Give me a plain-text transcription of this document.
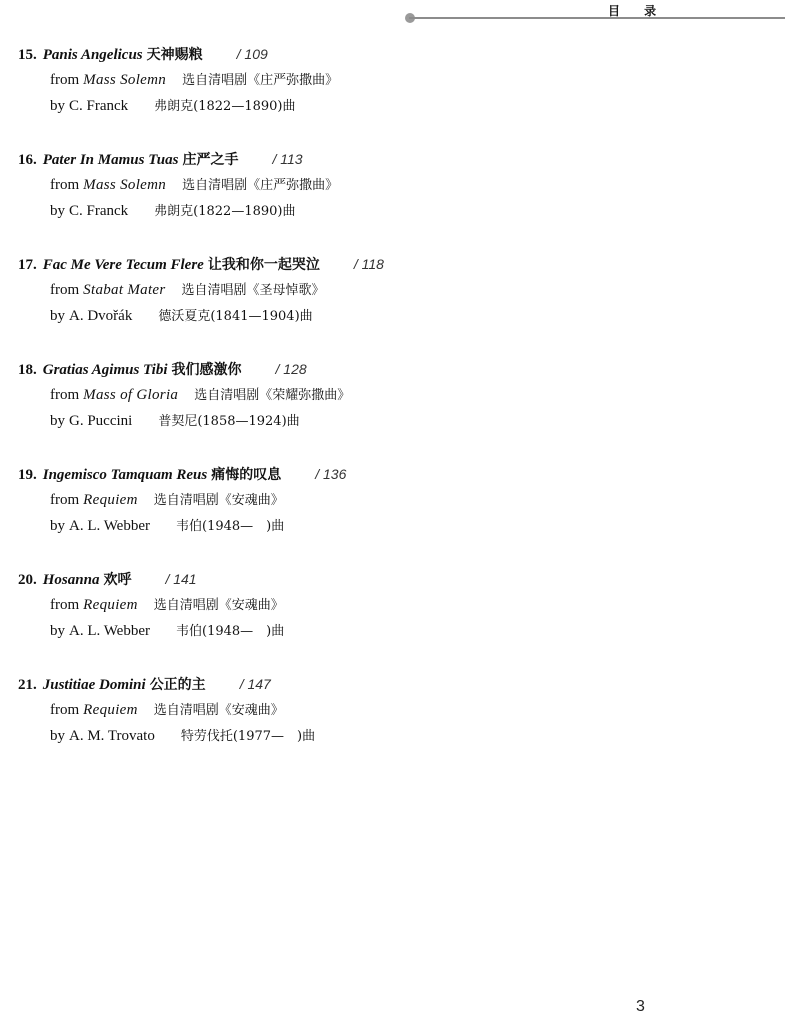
目 录
15. Panis Angelicus 天神赐粮 / 109
from Mass Solemn 选自清唱剧《庄严弥撒曲》
by C. Franck 弗朗克(1822—1890)曲
16. Pater In Mamus Tuas 庄严之手 / 113
from Mass Solemn 选自清唱剧《庄严弥撒曲》
by C. Franck 弗朗克(1822—1890)曲
17. Fac Me Vere Tecum Flere 让我和你一起哭泣 / 118
from Stabat Mater 选自清唱剧《圣母悼歌》
by A. Dvořák 德沃夏克(1841—1904)曲
18. Gratias Agimus Tibi 我们感激你 / 128
from Mass of Gloria 选自清唱剧《荣耀弥撒曲》
by G. Puccini 普契尼(1858—1924)曲
19. Ingemisco Tamquam Reus 痛悔的叹息 / 136
from Requiem 选自清唱剧《安魂曲》
by A. L. Webber 韦伯(1948—　)曲
20. Hosanna 欢呼 / 141
from Requiem 选自清唱剧《安魂曲》
by A. L. Webber 韦伯(1948—　)曲
21. Justitiae Domini 公正的主 / 147
from Requiem 选自清唱剧《安魂曲》
by A. M. Trovato 特劳伐托(1977—　)曲
3
